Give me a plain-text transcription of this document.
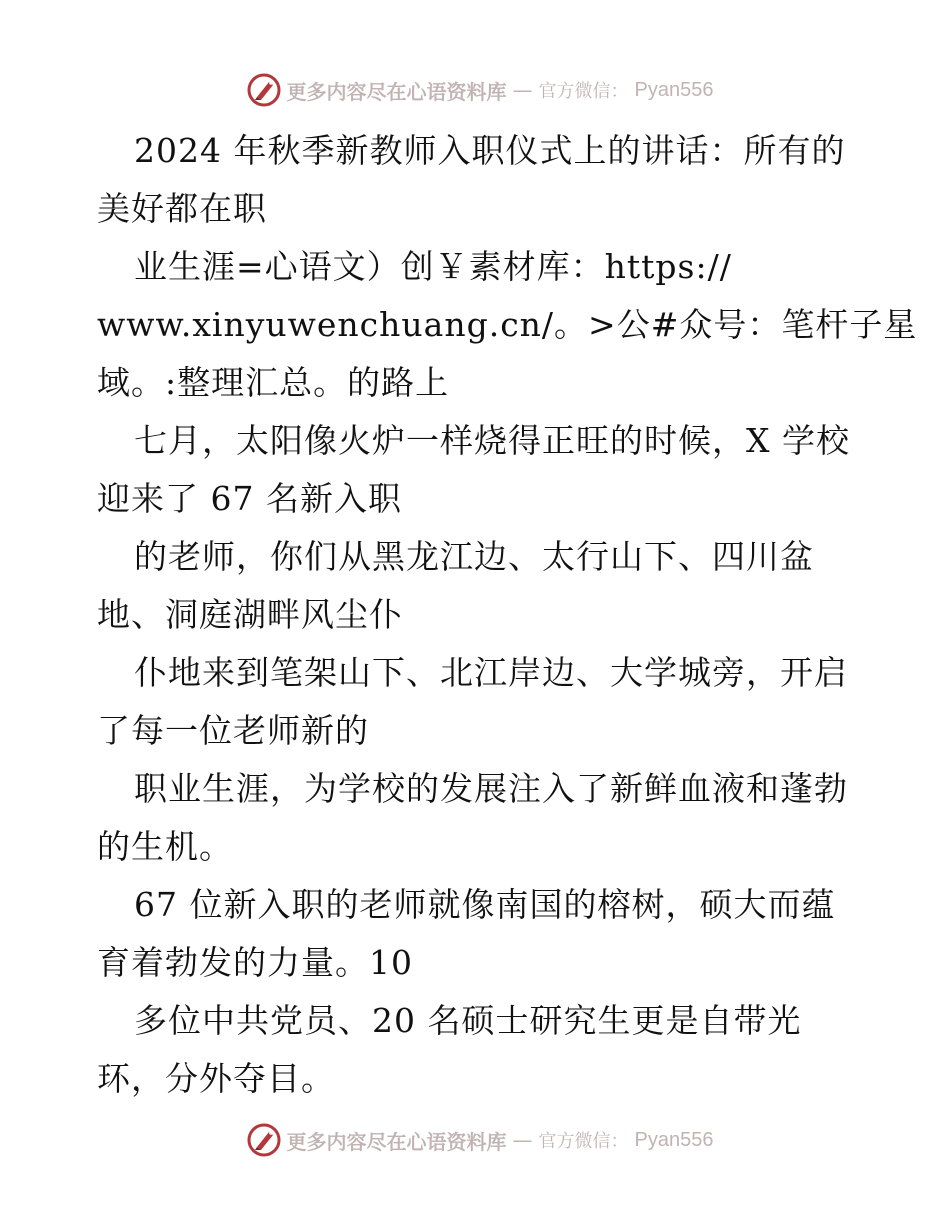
更多内容尽在心语资料库 — 官方微信： Pyan556
2024 年秋季新教师入职仪式上的讲话：所有的
美好都在职
业生涯=心语文）创￥素材库：https://
www.xinyuwenchuang.cn/。>公#众号：笔杆子星
域。:整理汇总。的路上
七月，太阳像火炉一样烧得正旺的时候，X 学校
迎来了 67 名新入职
的老师，你们从黑龙江边、太行山下、四川盆
地、洞庭湖畔风尘仆
仆地来到笔架山下、北江岸边、大学城旁，开启
了每一位老师新的
职业生涯，为学校的发展注入了新鲜血液和蓬勃
的生机。
67 位新入职的老师就像南国的榕树，硕大而蕴
育着勃发的力量。10
多位中共党员、20 名硕士研究生更是自带光
环，分外夺目。
更多内容尽在心语资料库 — 官方微信： Pyan556
